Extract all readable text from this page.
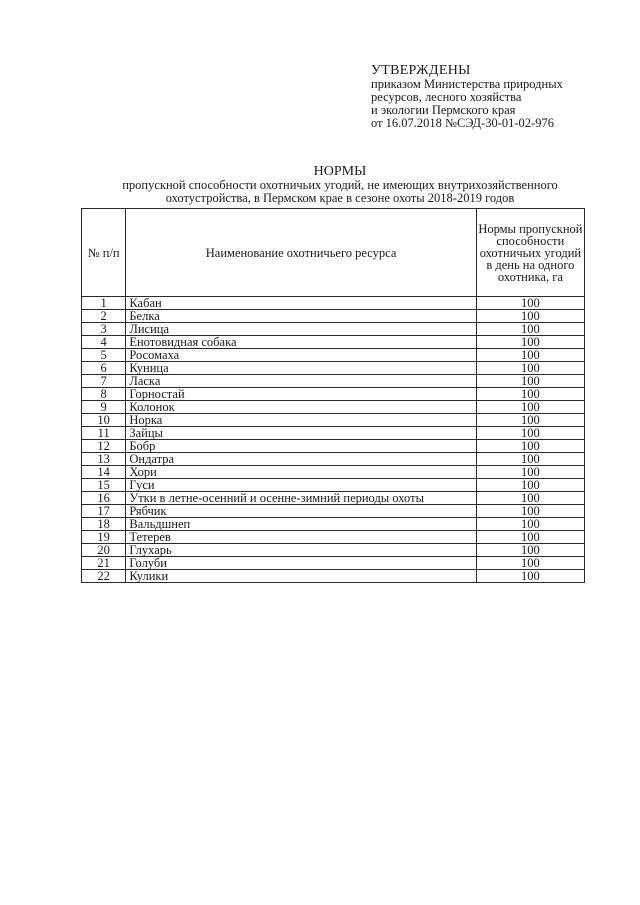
УТВЕРЖДЕНЫ
приказом Министерства природных
ресурсов, лесного хозяйства
и экологии Пермского края
от 16.07.2018 №СЭД-30-01-02-976
НОРМЫ
пропускной способности охотничьих угодий, не имеющих внутрихозяйственного
охотустройства, в Пермском крае в сезоне охоты 2018-2019 годов
№ п/п	Наименование охотничьего ресурса	Нормы пропускной способности охотничьих угодий в день на одного охотника, га
1	Кабан	100
2	Белка	100
3	Лисица	100
4	Енотовидная собака	100
5	Росомаха	100
6	Куница	100
7	Ласка	100
8	Горностай	100
9	Колонок	100
10	Норка	100
11	Зайцы	100
12	Бобр	100
13	Ондатра	100
14	Хори	100
15	Гуси	100
16	Утки в летне-осенний и осенне-зимний периоды охоты	100
17	Рябчик	100
18	Вальдшнеп	100
19	Тетерев	100
20	Глухарь	100
21	Голуби	100
22	Кулики	100
